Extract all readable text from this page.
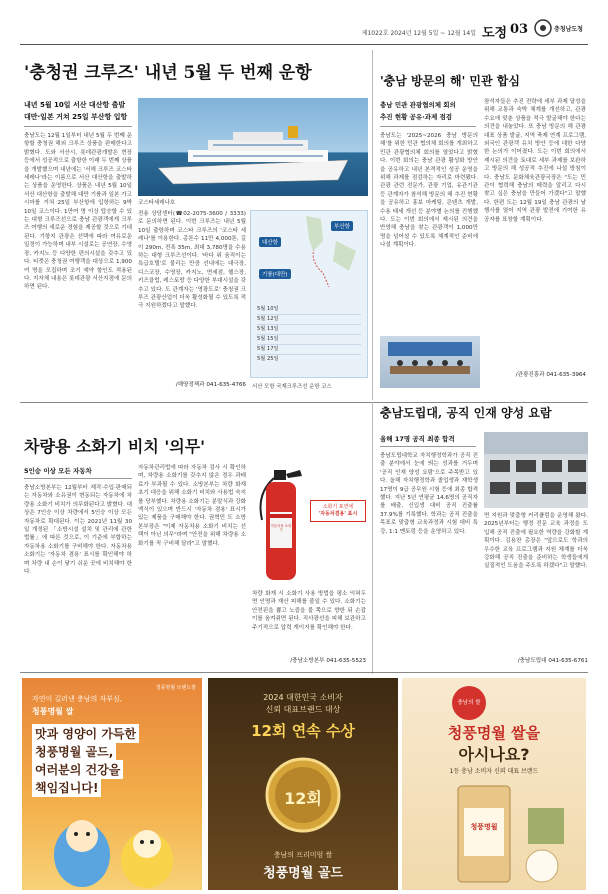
제1022호 2024년 12월 5일 ~ 12월 14일 도정 03	충청남도청
'충청권 크루즈' 내년 5월 두 번째 운항
내년 5월 10일 서산 대산항 출발
대만·일본 거쳐 25일 부산항 입항
충남도는 12월 1일부터 내년 5월 두 번째 운항할 충청권 해외 크루즈 상품을 판매한다고 밝혔다. 도와 서산시, 롯데관광개발은 현장 등에서 성공적으로 출항한 이래 두 번째 상품을 개발했으며 내년에는 '서해 크루즈 코스타세레나'라는 이름으로 서산 대산항을 출발하는 상품을 운영한다. 상품은 내년 5월 10일 서산 대산항을 출발해 대만 기륭과 일본 가고시마를 거쳐 25일 부산항에 입항하는 9박 10일 코스이다. 1만여 명 이상 탑승할 수 있는 대형 크루즈선으로 충남 관광객에게 크루즈 여행의 새로운 경험을 제공할 것으로 기대된다. 기항지 관광은 선택에 따라 여유로운 일정이 가능하며 내부 시설로는 공연장, 수영장, 카지노 등 다양한 편의시설을 갖추고 있다. 티켓은 충청권 여행객을 대상으로 1,900여 명을 모집하며 조기 예약 할인도 적용된다. 지자체 내용은 롯데관광 서산지점에 문의하면 된다.
코스타세레나호
전용 상담센터(☎02-2075-3600 / 3333)로 문의하면 된다. 이번 크루즈는 내년 5월 10일 출항하며 코스타 크루즈의 '코스타 세레나'를 이용한다. 총톤수 11만 4,000톤, 길이 290m, 전폭 35m, 최대 3,780명을 수용하는 대형 크루즈선이다. '바다 위 움직이는 특급호텔'로 불리는 만큼 선내에는 대극장, 디스코장, 수영장, 카지노, 면세점, 헬스장, 키즈클럽, 레스토랑 등 다양한 부대시설을 갖추고 있다. 도 관계자는 '영광도로' 충청권 크루즈 관광산업이 더욱 활성화될 수 있도록 적극 지원하겠다고 말했다.
/해양정책과 041-635-4766
대산항
기륭(대만)
부산항
5월 10일
5월 12일
5월 13일
5월 15일
5월 17일
5월 25일
서산 모항 국제크루즈선 운항 코스
'충남 방문의 해' 민관 합심
충남 민관 관광협의체 회의
추진 현황 공유·과제 점검
충남도는 '2025~2026 충남 방문의 해'를 위한 민관 협의체 회의를 개최하고 민관 관광협의체 회의를 열었다고 밝혔다. 이번 회의는 충남 관광 활성화 방안을 공유하고 내년 본격적인 성공 운영을 위해 과제를 점검하는 자리로 마련됐다. 관광 관련 전문가, 관광 기업, 유관기관 등 관계자가 참석해 방문의 해 추진 현황을 공유하고 홍보 마케팅, 콘텐츠 개발, 수용 태세 개선 등 분야별 논의를 진행했다. 도는 이번 회의에서 제시된 의견을 반영해 충남을 찾는 관광객이 1,000만 명을 넘어설 수 있도록 체계적인 준비에 나설 계획이다.
참석자들은 추진 전략에 세부 과제 달성을 위해 교통과 숙박 체계를 개선하고, 관광 수요에 맞춘 상품을 적극 발굴해야 한다는 의견을 내놓았다. 또 충남 방문의 해 관광 대표 상품 발굴, 지역 축제 연계 프로그램, 외국인 관광객 유치 방안 등에 대한 다양한 논의가 이어졌다. 도는 이번 회의에서 제시된 의견을 토대로 세부 과제를 보완하고 방문의 해 성공적 추진에 나설 방침이다. 충남도 문화체육관광국장은 "도는 민관이 협력해 충남의 매력을 알리고 다시 찾고 싶은 충남을 만들어 가겠다"고 말했다. 한편 도는 12월 19일 충남 관광의 날 행사를 열어 지역 관광 발전에 기여한 유공자를 표창할 계획이다.
/관광진흥과 041-635-3964
충남도립대, 공직 인재 양성 요람
올해 17명 공직 최종 합격
충남도립대학교 자치행정학과가 공직 진출 분야에서 눈에 띄는 성과를 거두며 '공직 인재 양성 요람'으로 주목받고 있다. 올해 자치행정학과 졸업생과 재학생 17명이 9급 공무원 시험 등에 최종 합격했다. 지난 5년 연평균 14.6명의 공직자를 배출, 신입생 대비 공직 진출률 37.9%를 기록했다. 학과는 공직 진출을 목표로 맞춤형 교육과정과 시험 대비 특강, 1:1 멘토링 등을 운영하고 있다.
면 지원과 맞춤형 커리큘럼을 운영해 왔다. 2025년부터는 행정 전문 교육 과정을 도입해 공직 진출에 필요한 역량을 강화할 계획이다. 김용찬 총장은 "앞으로도 학과의 우수한 교육 프로그램과 지원 체계를 더욱 강화해 공직 진출을 준비하는 학생들에게 실질적인 도움을 주도록 하겠다"고 말했다.
/충남도립대 041-635-6761
차량용 소화기 비치 '의무'
5인승 이상 모든 자동차
충남소방본부는 12월부터 제작·수입·판매되는 자동차와 소유권이 변동되는 자동차에 차량용 소화기 비치가 의무화된다고 밝혔다. 대상은 7인승 이상 차량에서 5인승 이상 모든 자동차로 확대된다. 이는 2021년 11월 30일 개정된 「소방시설 설치 및 관리에 관한 법률」에 따른 것으로, 이 기준에 부합하는 자동차용 소화기를 구비해야 한다. 자동차용 소화기는 '자동차 겸용' 표시를 확인해야 하며 차량 내 손이 닿기 쉬운 곳에 비치해야 한다.
자동차관리법에 따라 자동차 검사 시 확인하며, 차량용 소화기를 갖추지 않은 경우 과태료가 부과될 수 있다. 소방본부는 차량 화재 초기 대응을 위해 소화기 비치와 사용법 숙지를 당부했다. 차량용 소화기는 분말식과 강화액식이 있으며 반드시 '자동차 겸용' 표시가 있는 제품을 구매해야 한다. 권혁민 도 소방본부장은 "이제 자동차용 소화기 비치는 선택이 아닌 의무"라며 "안전을 위해 차량용 소화기를 꼭 구비해 달라"고 말했다.
자동차용 소화기
소화기 표면에
'자동차겸용' 표시
차량 화재 시 소화기 사용 방법을 평소 익혀두면 인명과 재산 피해를 줄일 수 있다. 소화기는 안전핀을 뽑고 노즐을 불 쪽으로 향한 뒤 손잡이를 움켜쥐면 된다. 직사광선을 피해 보관하고 주기적으로 압력 게이지를 확인해야 한다.
/충남소방본부 041-635-5523
청풍명월 브랜드쌀
자연이 길러낸 충남의 자부심,
청풍명월 쌀
맛과 영양이 가득한
청풍명월 골드,
여러분의 건강을
책임집니다!
2024 대한민국 소비자
신뢰 대표브랜드 대상
12회 연속 수상
12회
충남의 프리미엄 쌀
청풍명월 골드
충남의 쌀
청풍명월 쌀을
아시나요?
1등 충남 소비자 신뢰 대표 브랜드
청풍명월
